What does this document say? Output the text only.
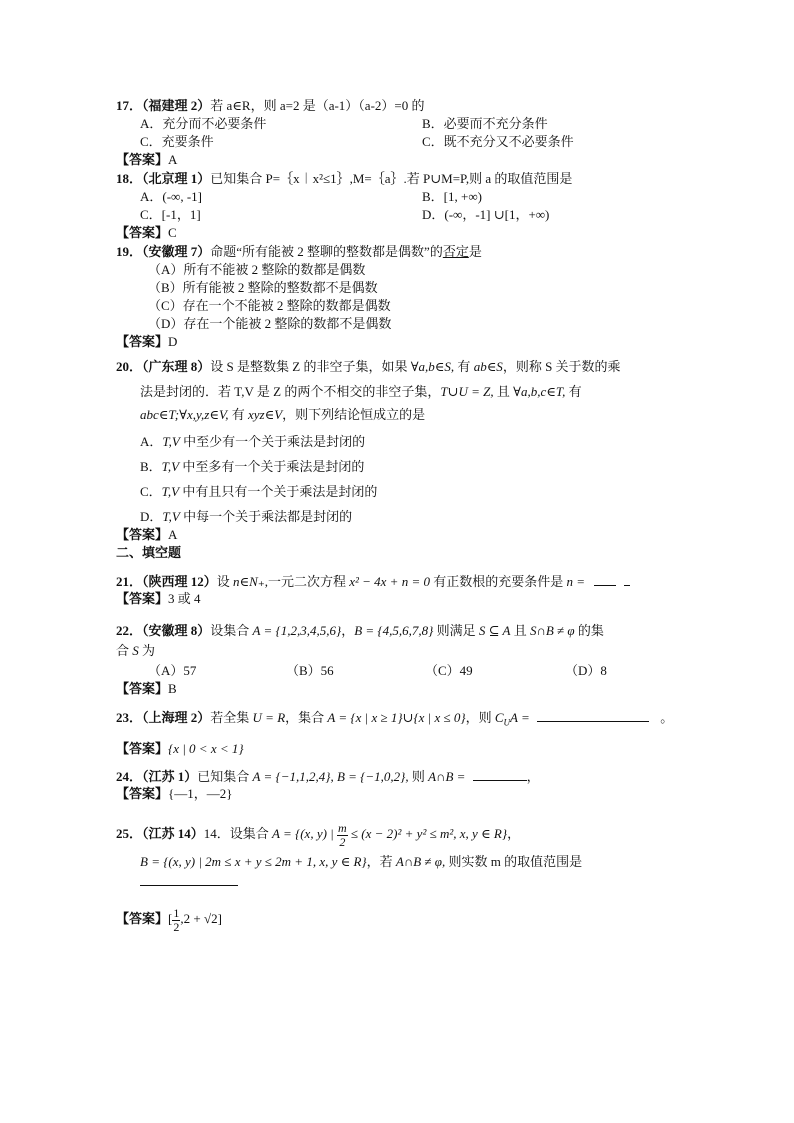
17．（福建理 2）若 a∈R，则 a=2 是（a-1）（a-2）=0 的
A．充分而不必要条件	B．必要而不充分条件
C．充要条件	C．既不充分又不必要条件
【答案】A
18．（北京理 1）已知集合 P=｛x︱x²≤1｝,M=｛a｝.若 P∪M=P,则 a 的取值范围是
A．(-∞, -1]	B．[1, +∞)
C．[-1，1]	D．(-∞，-1] ∪[1，+∞)
【答案】C
19．（安徽理 7）命题“所有能被 2 整聊的整数都是偶数”的否定是
（A）所有不能被 2 整除的数都是偶数
（B）所有能被 2 整除的整数都不是偶数
（C）存在一个不能被 2 整除的数都是偶数
（D）存在一个能被 2 整除的数都不是偶数
【答案】D
20．（广东理 8）设 S 是整数集 Z 的非空子集，如果 ∀a,b∈S, 有 ab∈S，则称 S 关于数的乘
法是封闭的．若 T,V 是 Z 的两个不相交的非空子集，T∪U = Z, 且 ∀a,b,c∈T, 有
abc∈T;∀x,y,z∈V, 有 xyz∈V，则下列结论恒成立的是
A．T,V 中至少有一个关于乘法是封闭的
B．T,V 中至多有一个关于乘法是封闭的
C．T,V 中有且只有一个关于乘法是封闭的
D．T,V 中每一个关于乘法都是封闭的
【答案】A
二、填空题
21．（陕西理 12）设 n∈N₊,一元二次方程 x² − 4x + n = 0 有正数根的充要条件是 n =
【答案】3 或 4
22．（安徽理 8）设集合 A = {1,2,3,4,5,6}，B = {4,5,6,7,8} 则满足 S ⊆ A 且 S∩B ≠ φ 的集
合 S 为
（A）57	（B）56	（C）49	（D）8
【答案】B
23．（上海理 2）若全集 U = R，集合 A = {x | x ≥ 1}∪{x | x ≤ 0}，则 $C_UA$ =	。
【答案】{x | 0 < x < 1}
24．（江苏 1）已知集合 A = {−1,1,2,4}, B = {−1,0,2}, 则 A∩B =	，
【答案】{—1，—2}
25．（江苏 14）14．设集合 A = {(x, y) | $\frac{m}{2} \le (x - 2)^2 + y^2 \le m^2$, x, y ∈ R}，
B = {(x, y) | 2m ≤ x + y ≤ 2m + 1, x, y ∈ R}，若 A∩B ≠ φ, 则实数 m 的取值范围是
【答案】[ $\frac{1}{2} ,2 + √2$]
